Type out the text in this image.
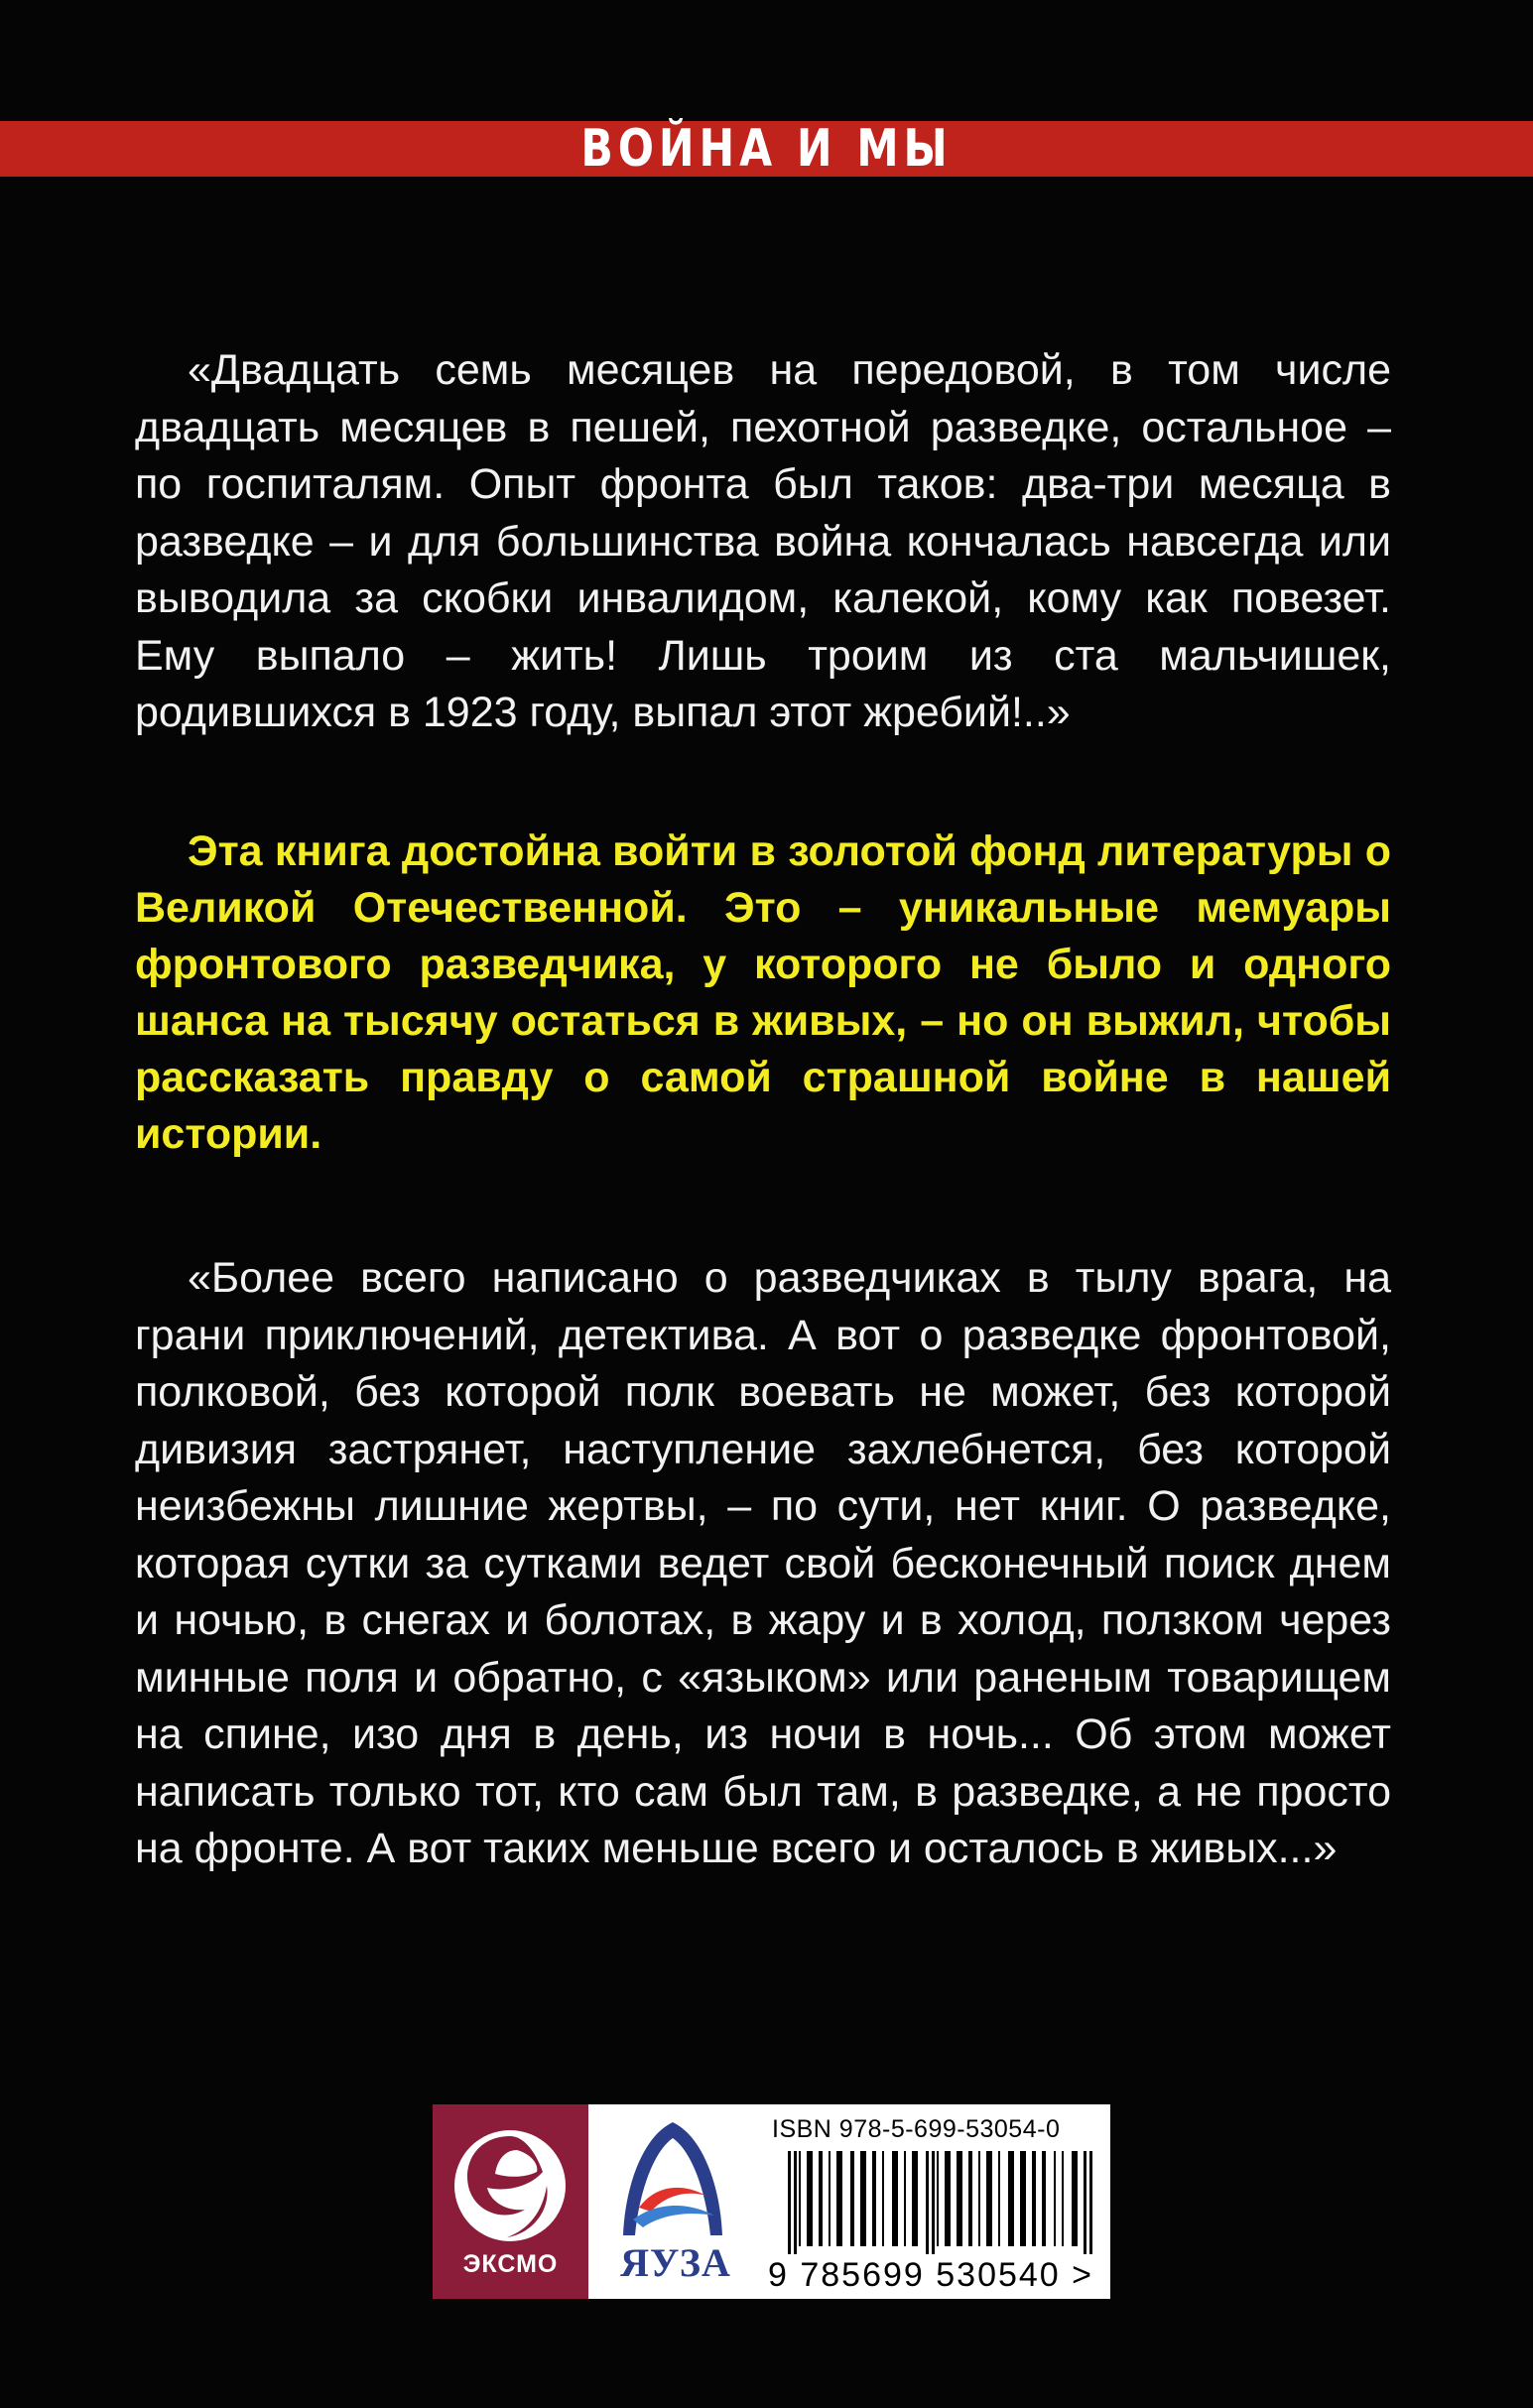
ВОЙНА И МЫ

«Двадцать семь месяцев на передовой, в том числе двадцать месяцев в пешей, пехотной разведке, остальное – по госпиталям. Опыт фронта был таков: два-три месяца в разведке – и для большинства война кончалась навсегда или выводила за скобки инвалидом, калекой, кому как повезет. Ему выпало – жить! Лишь троим из ста мальчишек, родившихся в 1923 году, выпал этот жребий!..»

Эта книга достойна войти в золотой фонд литературы о Великой Отечественной. Это – уникальные мемуары фронтового разведчика, у которого не было и одного шанса на тысячу остаться в живых, – но он выжил, чтобы рассказать правду о самой страшной войне в нашей истории.

«Более всего написано о разведчиках в тылу врага, на грани приключений, детектива. А вот о разведке фронтовой, полковой, без которой полк воевать не может, без которой дивизия застрянет, наступление захлебнется, без которой неизбежны лишние жертвы, – по сути, нет книг. О разведке, которая сутки за сутками ведет свой бесконечный поиск днем и ночью, в снегах и болотах, в жару и в холод, ползком через минные поля и обратно, с «языком» или раненым товарищем на спине, изо дня в день, из ночи в ночь... Об этом может написать только тот, кто сам был там, в разведке, а не просто на фронте. А вот таких меньше всего и осталось в живых...»

ЭКСМО	ЯУЗА
ISBN 978-5-699-53054-0
9 785699 530540 >
